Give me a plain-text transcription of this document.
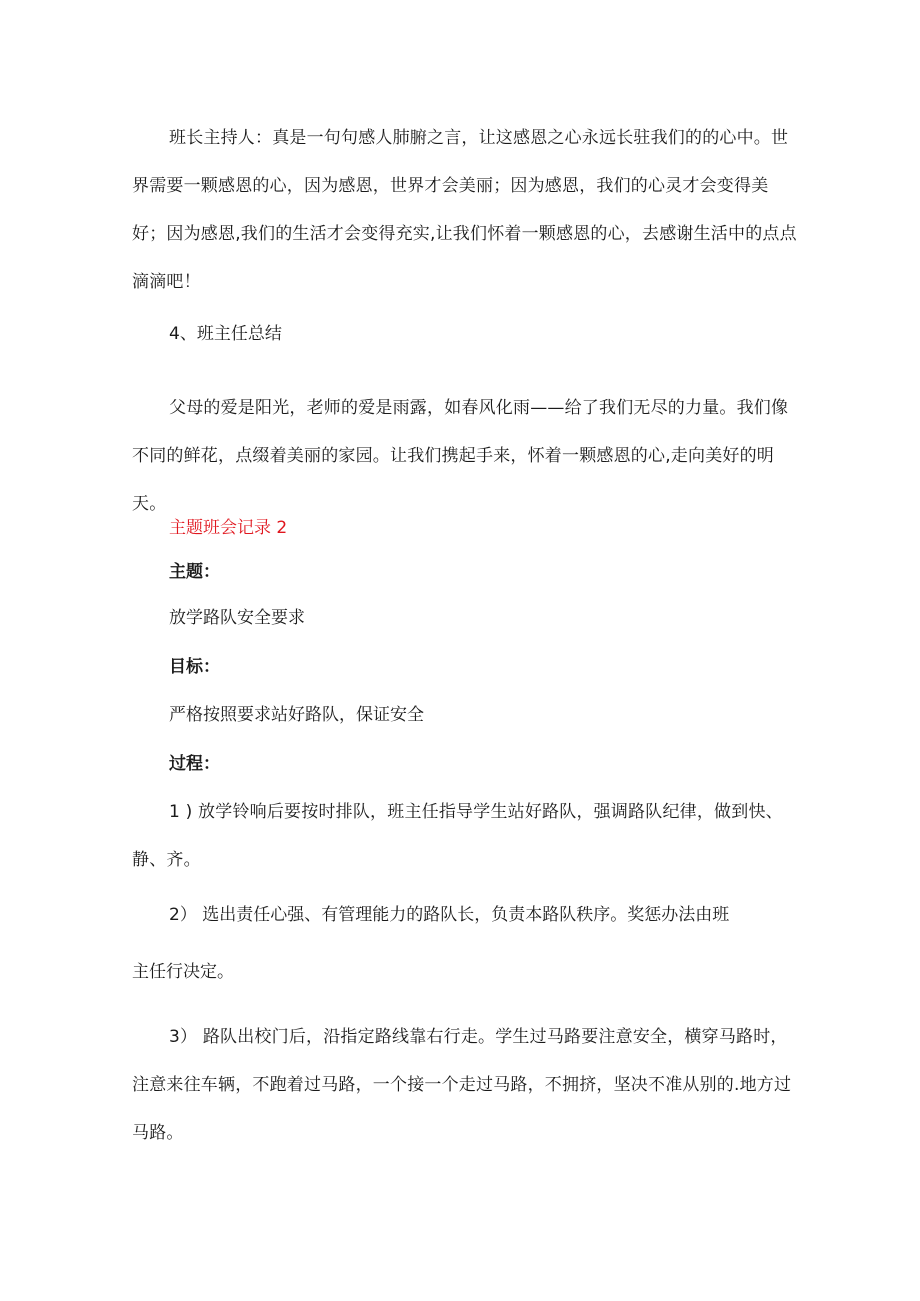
班长主持人：真是一句句感人肺腑之言，让这感恩之心永远长驻我们的的心中。世界需要一颗感恩的心，因为感恩，世界才会美丽；因为感恩，我们的心灵才会变得美好；因为感恩,我们的生活才会变得充实,让我们怀着一颗感恩的心，去感谢生活中的点点滴滴吧！

4、班主任总结

父母的爱是阳光，老师的爱是雨露，如春风化雨——给了我们无尽的力量。我们像不同的鲜花，点缀着美丽的家园。让我们携起手来，怀着一颗感恩的心,走向美好的明天。

主题班会记录 2

主题：

放学路队安全要求

目标：

严格按照要求站好路队，保证安全

过程：

1 ) 放学铃响后要按时排队，班主任指导学生站好路队，强调路队纪律，做到快、静、齐。

2） 选出责任心强、有管理能力的路队长，负责本路队秩序。奖惩办法由班

主任行决定。

3） 路队出校门后，沿指定路线靠右行走。学生过马路要注意安全，横穿马路时，注意来往车辆，不跑着过马路，一个接一个走过马路，不拥挤，坚决不准从别的.地方过马路。
